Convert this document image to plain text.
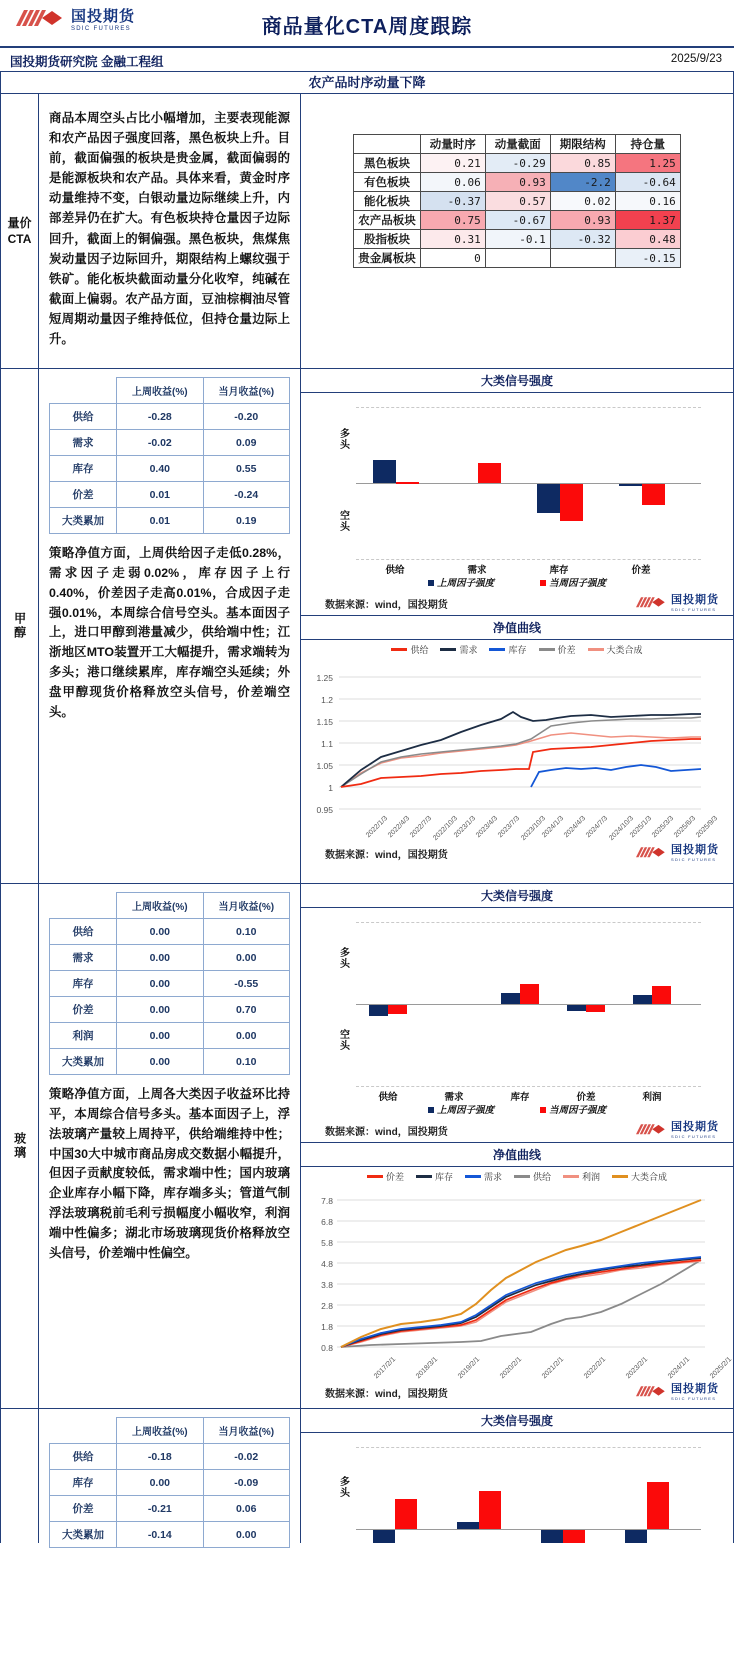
国投期货
SDIC FUTURES	商品量化CTA周度跟踪
国投期货研究院 金融工程组	2025/9/23
农产品时序动量下降
量价CTA

商品本周空头占比小幅增加，主要表现能源和农产品因子强度回落，黑色板块上升。目前，截面偏强的板块是贵金属，截面偏弱的是能源板块和农产品。具体来看，黄金时序动量维持不变，白银动量边际继续上升，内部差异仍在扩大。有色板块持仓量因子边际回升，截面上的铜偏强。黑色板块，焦煤焦炭动量因子边际回升，期限结构上螺纹强于铁矿。能化板块截面动量分化收窄，纯碱在截面上偏弱。农产品方面，豆油棕榈油尽管短周期动量因子维持低位，但持仓量边际上升。

	动量时序	动量截面	期限结构	持仓量
黑色板块	0.21	-0.29	0.85	1.25
有色板块	0.06	0.93	-2.2	-0.64
能化板块	-0.37	0.57	0.02	0.16
农产品板块	0.75	-0.67	0.93	1.37
股指板块	0.31	-0.1	-0.32	0.48
贵金属板块	0			-0.15
甲醇
	上周收益(%)	当月收益(%)
供给	-0.28	-0.20
需求	-0.02	0.09
库存	0.40	0.55
价差	0.01	-0.24
大类累加	0.01	0.19

策略净值方面，上周供给因子走低0.28%，需求因子走弱0.02%，库存因子上行0.40%，价差因子走高0.01%，合成因子走强0.01%，本周综合信号空头。基本面因子上，进口甲醇到港量减少，供给端中性；江浙地区MTO装置开工大幅提升，需求端转为多头；港口继续累库，库存端空头延续；外盘甲醇现货价格释放空头信号，价差端空头。

大类信号强度
多头
空头
供给	需求	库存	价差
上周因子强度	当周因子强度
数据来源：wind，国投期货	国投期货
SDIC FUTURES
净值曲线
供给	需求	库存	价差	大类合成
1.25
1.2
1.15
1.1
1.05
1
0.95
2022/1/3
2022/4/3
2022/7/3
2022/10/3
2023/1/3
2023/4/3
2023/7/3
2023/10/3
2024/1/3
2024/4/3
2024/7/3
2024/10/3
2025/1/3
2025/3/3
2025/6/3
2025/9/3
数据来源：wind，国投期货	国投期货
SDIC FUTURES
玻璃
	上周收益(%)	当月收益(%)
供给	0.00	0.10
需求	0.00	0.00
库存	0.00	-0.55
价差	0.00	0.70
利润	0.00	0.00
大类累加	0.00	0.10

策略净值方面，上周各大类因子收益环比持平，本周综合信号多头。基本面因子上，浮法玻璃产量较上周持平，供给端维持中性；中国30大中城市商品房成交数据小幅提升，但因子贡献度较低，需求端中性；国内玻璃企业库存小幅下降，库存端多头；管道气制浮法玻璃税前毛利亏损幅度小幅收窄，利润端中性偏多；湖北市场玻璃现货价格释放空头信号，价差端中性偏空。

大类信号强度
多头
空头
供给	需求	库存	价差	利润
上周因子强度	当周因子强度
数据来源：wind，国投期货	国投期货
SDIC FUTURES
净值曲线
价差	库存	需求	供给	利润	大类合成
7.8
6.8
5.8
4.8
3.8
2.8
1.8
0.8
2017/2/1	2018/3/1	2019/2/1	2020/2/1	2021/2/1	2022/2/1	2023/2/1	2024/1/1	2025/2/1
数据来源：wind，国投期货	国投期货
SDIC FUTURES
	上周收益(%)	当月收益(%)
供给	-0.18	-0.02
库存	0.00	-0.09
价差	-0.21	0.06
大类累加	-0.14	0.00
大类信号强度
多头
